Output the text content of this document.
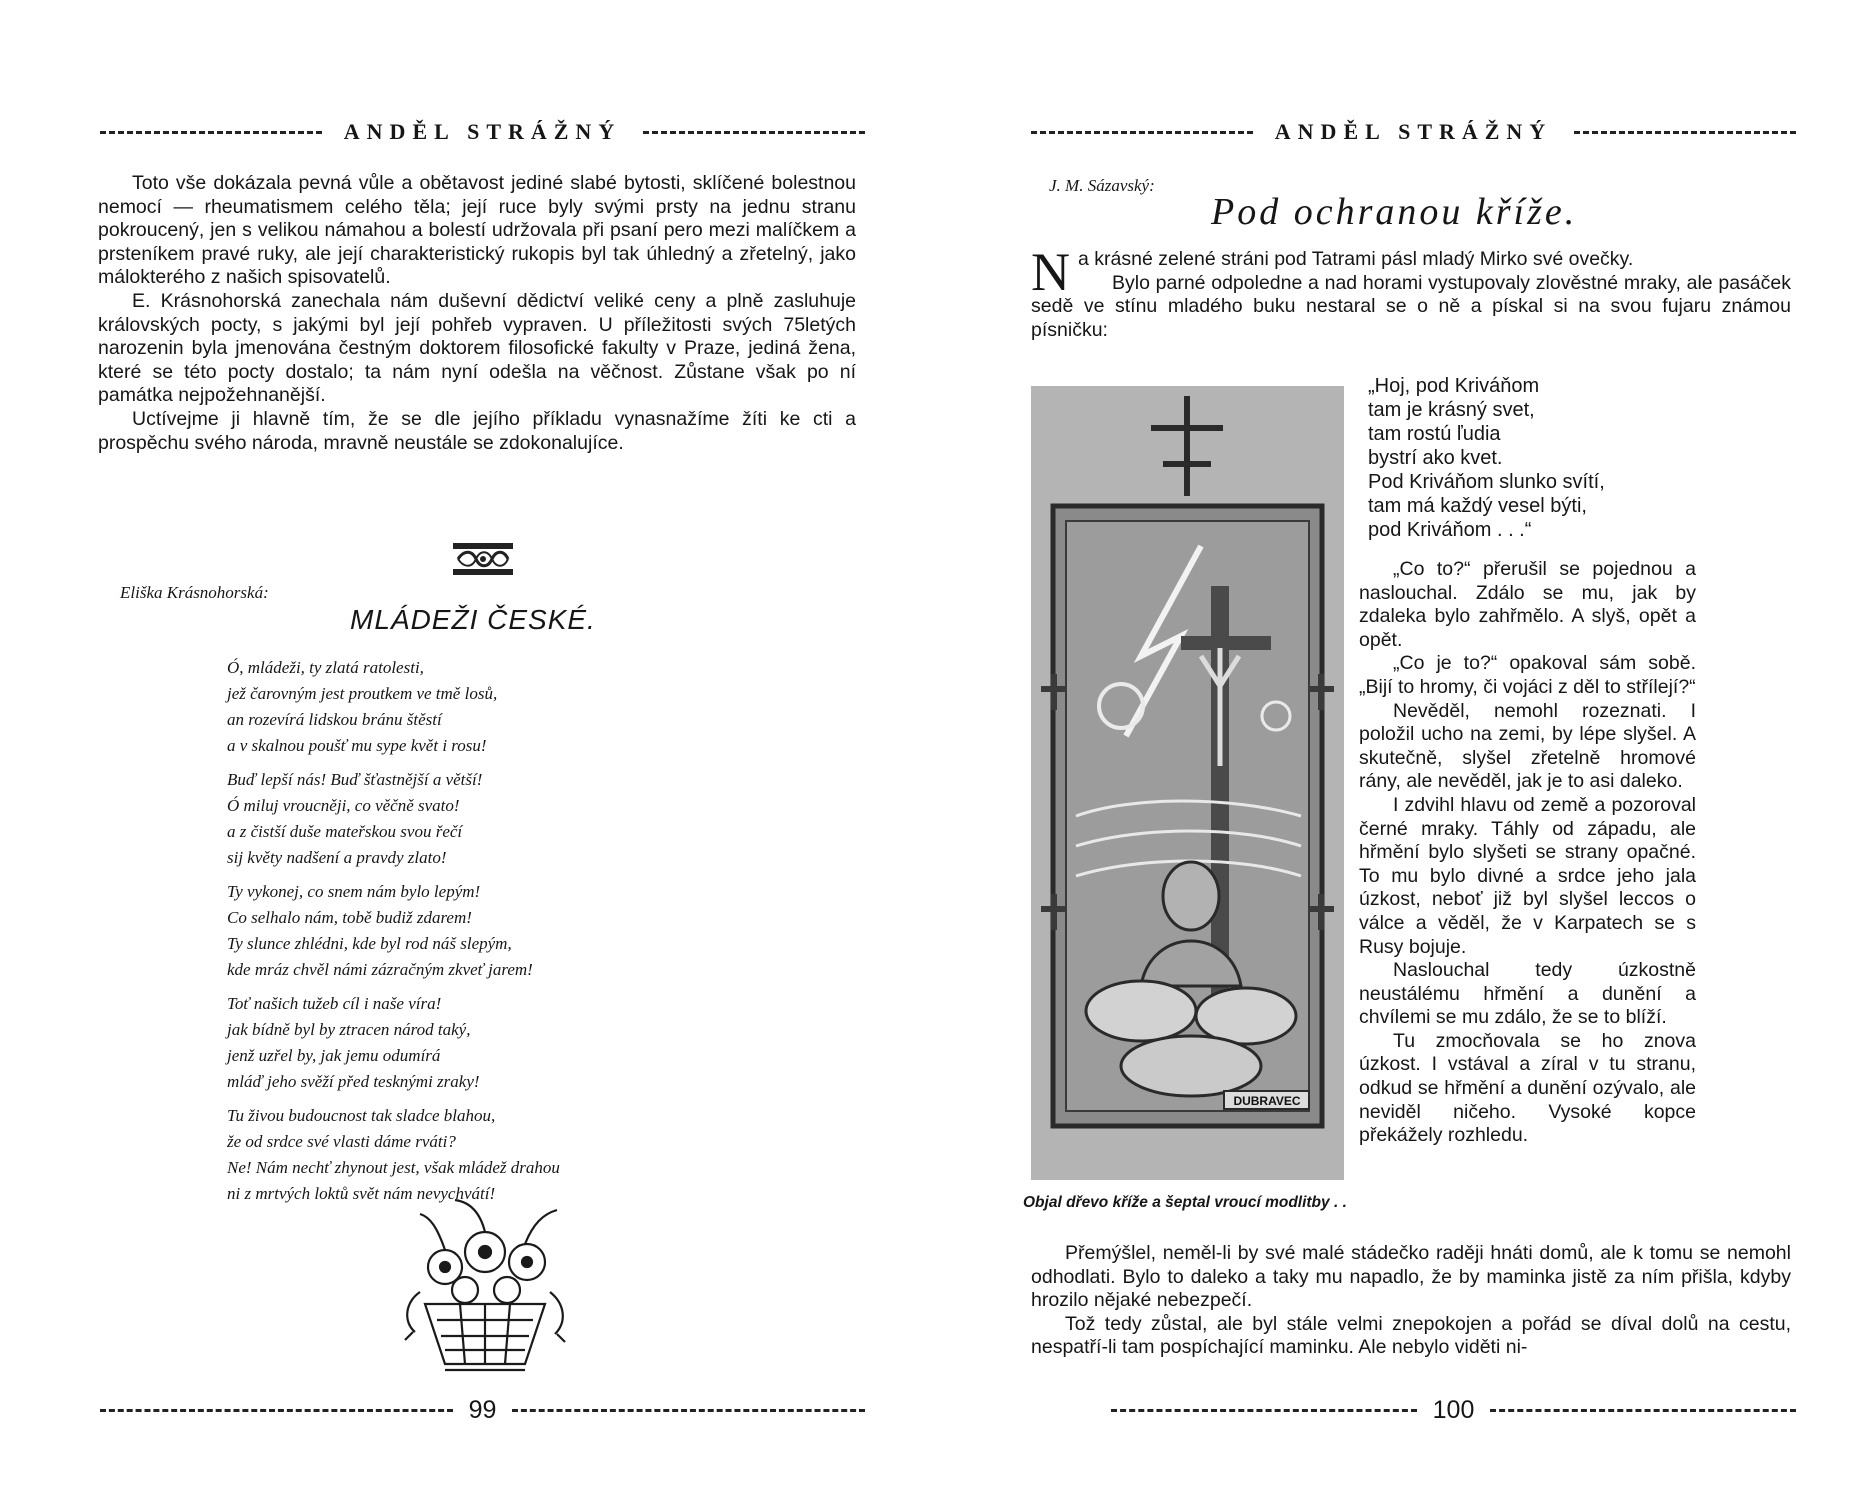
ANDĚL STRÁŽNÝ

Toto vše dokázala pevná vůle a obětavost jediné slabé bytosti, sklíčené bolestnou nemocí — rheumatismem celého těla; její ruce byly svými prsty na jednu stranu pokroucený, jen s velikou námahou a bolestí udržovala při psaní pero mezi malíčkem a prsteníkem pravé ruky, ale její charakteristický rukopis byl tak úhledný a zřetelný, jako málokterého z našich spisovatelů.

E. Krásnohorská zanechala nám duševní dědictví veliké ceny a plně zasluhuje královských pocty, s jakými byl její pohřeb vypraven. U příležitosti svých 75letých narozenin byla jmenována čestným doktorem filosofické fakulty v Praze, jediná žena, které se této pocty dostalo; ta nám nyní odešla na věčnost. Zůstane však po ní památka nejpožehnanější.

Uctívejme ji hlavně tím, že se dle jejího příkladu vynasnažíme žíti ke cti a prospěchu svého národa, mravně neustále se zdokonalujíce.

Eliška Krásnohorská:
MLÁDEŽI ČESKÉ.
Ó, mládeži, ty zlatá ratolesti,
jež čarovným jest proutkem ve tmě losů,
an rozevírá lidskou bránu štěstí
a v skalnou poušť mu sype květ i rosu!
Buď lepší nás! Buď šťastnější a větší!
Ó miluj vroucněji, co věčně svato!
a z čistší duše mateřskou svou řečí
sij květy nadšení a pravdy zlato!
Ty vykonej, co snem nám bylo lepým!
Co selhalo nám, tobě budiž zdarem!
Ty slunce zhlédni, kde byl rod náš slepým,
kde mráz chvěl námi zázračným zkveť jarem!
Toť našich tužeb cíl i naše víra!
jak bídně byl by ztracen národ taký,
jenž uzřel by, jak jemu odumírá
mláď jeho svěží před tesknými zraky!
Tu živou budoucnost tak sladce blahou,
že od srdce své vlasti dáme rváti?
Ne! Nám nechť zhynout jest, však mládež drahou
ni z mrtvých loktů svět nám nevychvátí!
99
ANDĚL STRÁŽNÝ
J. M. Sázavský:
Pod ochranou kříže.

N a krásné zelené stráni pod Tatrami pásl mladý Mirko své ovečky.

Bylo parné odpoledne a nad horami vystupovaly zlověstné mraky, ale pasáček sedě ve stínu mladého buku nestaral se o ně a pískal si na svou fujaru známou písničku:

DUBRAVEC
Objal dřevo kříže a šeptal vroucí modlitby . .
„Hoj, pod Kriváňom
tam je krásný svet,
tam rostú ľudia
bystrí ako kvet.
Pod Kriváňom slunko svítí,
tam má každý vesel býti,
pod Kriváňom . . .“

„Co to?“ přerušil se pojednou a naslouchal. Zdálo se mu, jak by zdaleka bylo zahřmělo. A slyš, opět a opět.

„Co je to?“ opakoval sám sobě. „Bijí to hromy, či vojáci z děl to střílejí?“

Nevěděl, nemohl rozeznati. I položil ucho na zemi, by lépe slyšel. A skutečně, slyšel zřetelně hromové rány, ale nevěděl, jak je to asi daleko.

I zdvihl hlavu od země a pozoroval černé mraky. Táhly od západu, ale hřmění bylo slyšeti se strany opačné. To mu bylo divné a srdce jeho jala úzkost, neboť již byl slyšel leccos o válce a věděl, že v Karpatech se s Rusy bojuje.

Naslouchal tedy úzkostně neustálému hřmění a dunění a chvílemi se mu zdálo, že se to blíží.

Tu zmocňovala se ho znova úzkost. I vstával a zíral v tu stranu, odkud se hřmění a dunění ozývalo, ale neviděl ničeho. Vysoké kopce překážely rozhledu.

Přemýšlel, neměl-li by své malé stádečko raději hnáti domů, ale k tomu se nemohl odhodlati. Bylo to daleko a taky mu napadlo, že by maminka jistě za ním přišla, kdyby hrozilo nějaké nebezpečí.

Tož tedy zůstal, ale byl stále velmi znepokojen a pořád se díval dolů na cestu, nespatří-li tam pospíchající maminku. Ale nebylo viděti ni-

100
